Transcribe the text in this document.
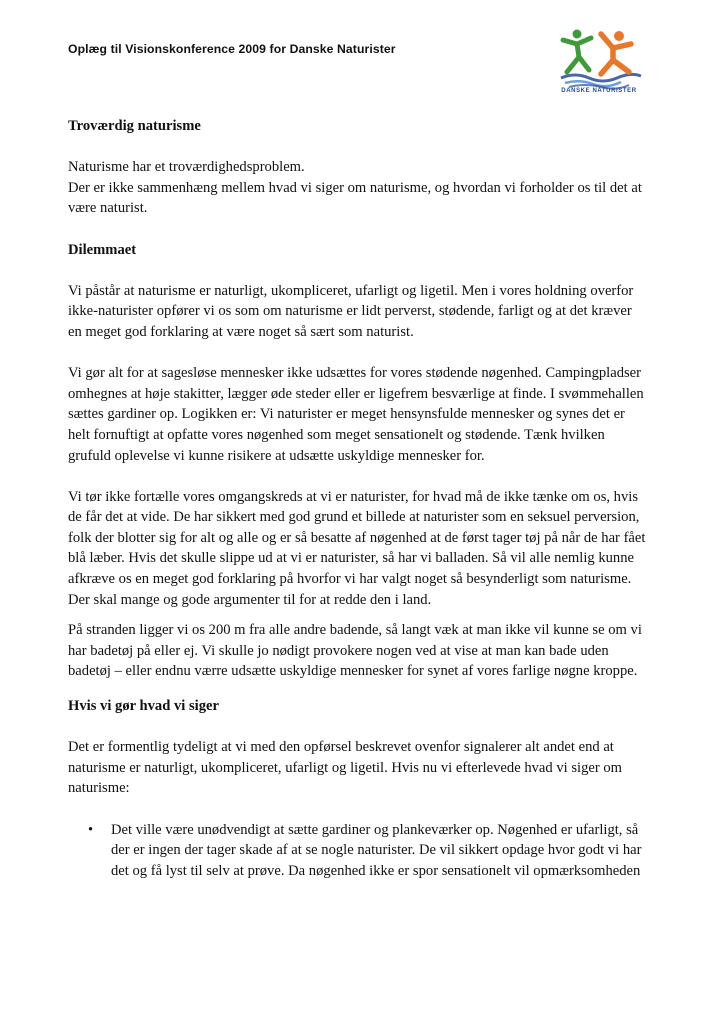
Oplæg til Visionskonference 2009 for Danske Naturister
DANSKE NATURISTER
Troværdig naturisme

Naturisme har et troværdighedsproblem.

Der er ikke sammenhæng mellem hvad vi siger om naturisme, og hvordan vi forholder os til det at være naturist.

Dilemmaet

Vi påstår at naturisme er naturligt, ukompliceret, ufarligt og ligetil. Men i vores holdning overfor ikke-naturister opfører vi os som om naturisme er lidt perverst, stødende, farligt og at det kræver en meget god forklaring at være noget så sært som naturist.

Vi gør alt for at sagesløse mennesker ikke udsættes for vores stødende nøgenhed. Campingpladser omhegnes at høje stakitter, lægger øde steder eller er ligefrem besværlige at finde. I svømmehallen sættes gardiner op. Logikken er: Vi naturister er meget hensynsfulde mennesker og synes det er helt fornuftigt at opfatte vores nøgenhed som meget sensationelt og stødende. Tænk hvilken grufuld oplevelse vi kunne risikere at udsætte uskyldige mennesker for.

Vi tør ikke fortælle vores omgangskreds at vi er naturister, for hvad må de ikke tænke om os, hvis de får det at vide. De har sikkert med god grund et billede at naturister som en seksuel perversion, folk der blotter sig for alt og alle og er så besatte af nøgenhed at de først tager tøj på når de har fået blå læber. Hvis det skulle slippe ud at vi er naturister, så har vi balladen. Så vil alle nemlig kunne afkræve os en meget god forklaring på hvorfor vi har valgt noget så besynderligt som naturisme. Der skal mange og gode argumenter til for at redde den i land.

På stranden ligger vi os 200 m fra alle andre badende, så langt væk at man ikke vil kunne se om vi har badetøj på eller ej. Vi skulle jo nødigt provokere nogen ved at vise at man kan bade uden badetøj – eller endnu værre udsætte uskyldige mennesker for synet af vores farlige nøgne kroppe.

Hvis vi gør hvad vi siger

Det er formentlig tydeligt at vi med den opførsel beskrevet ovenfor signalerer alt andet end at naturisme er naturligt, ukompliceret, ufarligt og ligetil. Hvis nu vi efterlevede hvad vi siger om naturisme:

• Det ville være unødvendigt at sætte gardiner og plankeværker op. Nøgenhed er ufarligt, så der er ingen der tager skade af at se nogle naturister. De vil sikkert opdage hvor godt vi har det og få lyst til selv at prøve. Da nøgenhed ikke er spor sensationelt vil opmærksomheden
